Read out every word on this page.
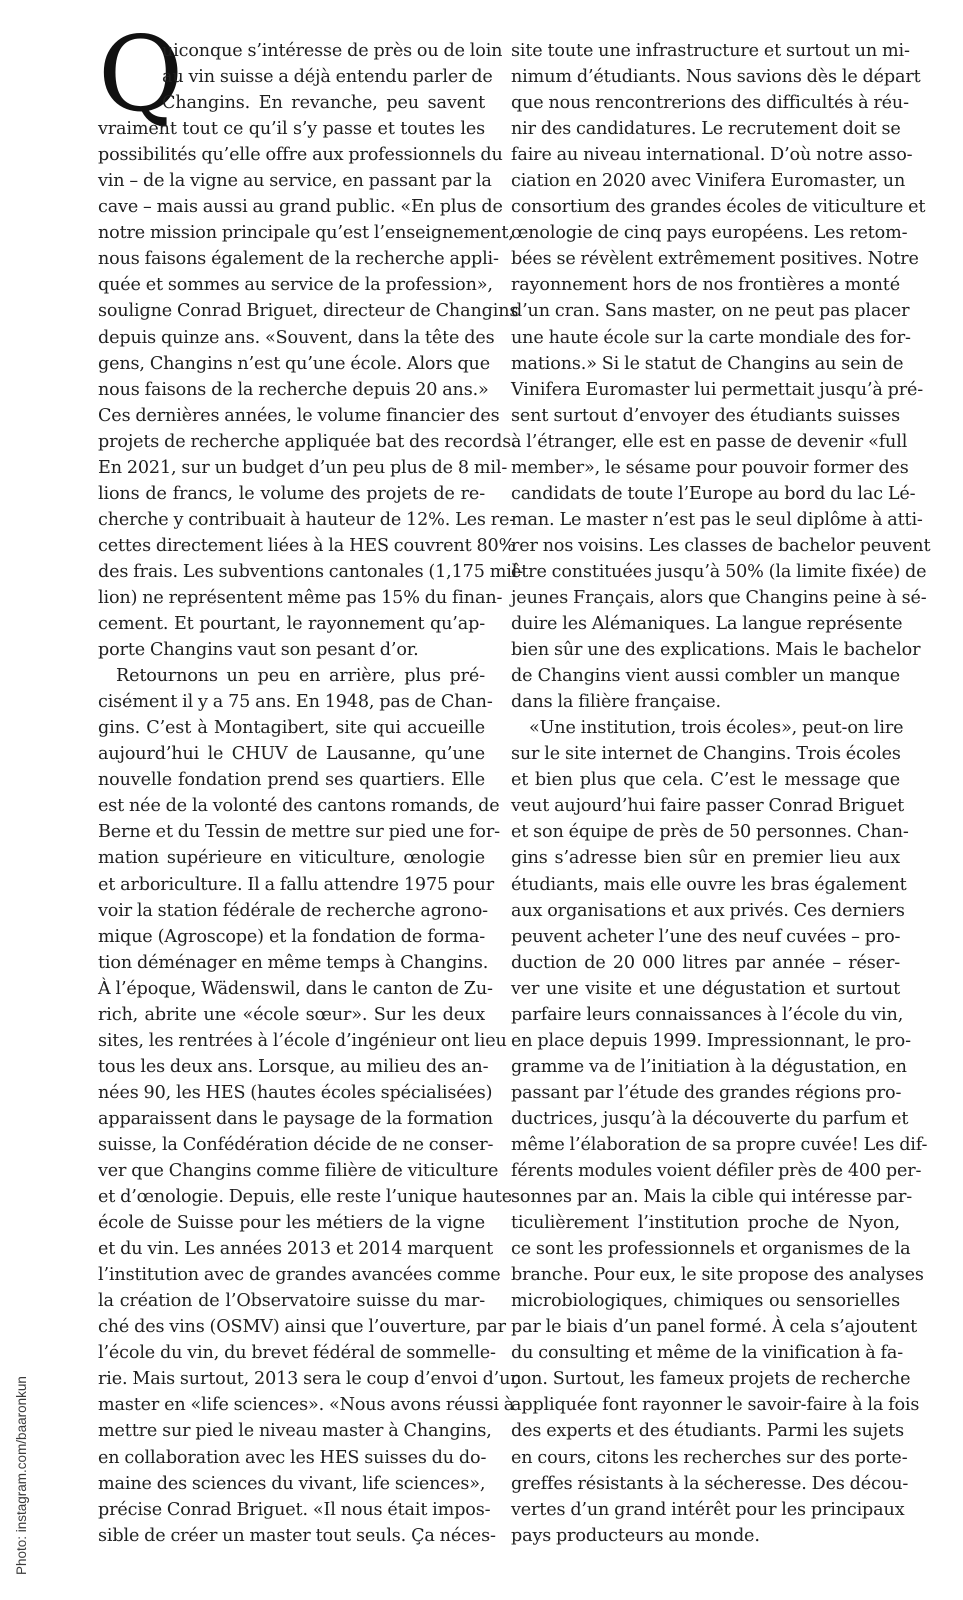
Q
uiconque s’intéresse de près ou de loin
au vin suisse a déjà entendu parler de
Changins. En revanche, peu savent
vraiment tout ce qu’il s’y passe et toutes les
possibilités qu’elle offre aux professionnels du
vin – de la vigne au service, en passant par la
cave – mais aussi au grand public. «En plus de
notre mission principale qu’est l’enseignement,
nous faisons également de la recherche appli-
quée et sommes au service de la profession»,
souligne Conrad Briguet, directeur de Changins
depuis quinze ans. «Souvent, dans la tête des
gens, Changins n’est qu’une école. Alors que
nous faisons de la recherche depuis 20 ans.»
Ces dernières années, le volume financier des
projets de recherche appliquée bat des records.
En 2021, sur un budget d’un peu plus de 8 mil-
lions de francs, le volume des projets de re-
cherche y contribuait à hauteur de 12%. Les re-
cettes directement liées à la HES couvrent 80%
des frais. Les subventions cantonales (1,175 mil-
lion) ne représentent même pas 15% du finan-
cement. Et pourtant, le rayonnement qu’ap-
porte Changins vaut son pesant d’or.
Retournons un peu en arrière, plus pré-
cisément il y a 75 ans. En 1948, pas de Chan-
gins. C’est à Montagibert, site qui accueille
aujourd’hui le CHUV de Lausanne, qu’une
nouvelle fondation prend ses quartiers. Elle
est née de la volonté des cantons romands, de
Berne et du Tessin de mettre sur pied une for-
mation supérieure en viticulture, œnologie
et arboriculture. Il a fallu attendre 1975 pour
voir la station fédérale de recherche agrono-
mique (Agroscope) et la fondation de forma-
tion déménager en même temps à Changins.
À l’époque, Wädenswil, dans le canton de Zu-
rich, abrite une «école sœur». Sur les deux
sites, les rentrées à l’école d’ingénieur ont lieu
tous les deux ans. Lorsque, au milieu des an-
nées 90, les HES (hautes écoles spécialisées)
apparaissent dans le paysage de la formation
suisse, la Confédération décide de ne conser-
ver que Changins comme filière de viticulture
et d’œnologie. Depuis, elle reste l’unique haute
école de Suisse pour les métiers de la vigne
et du vin. Les années 2013 et 2014 marquent
l’institution avec de grandes avancées comme
la création de l’Observatoire suisse du mar-
ché des vins (OSMV) ainsi que l’ouverture, par
l’école du vin, du brevet fédéral de sommelle-
rie. Mais surtout, 2013 sera le coup d’envoi d’un
master en «life sciences». «Nous avons réussi à
mettre sur pied le niveau master à Changins,
en collaboration avec les HES suisses du do-
maine des sciences du vivant, life sciences»,
précise Conrad Briguet. «Il nous était impos-
sible de créer un master tout seuls. Ça néces-
site toute une infrastructure et surtout un mi-
nimum d’étudiants. Nous savions dès le départ
que nous rencontrerions des difficultés à réu-
nir des candidatures. Le recrutement doit se
faire au niveau international. D’où notre asso-
ciation en 2020 avec Vinifera Euromaster, un
consortium des grandes écoles de viticulture et
œnologie de cinq pays européens. Les retom-
bées se révèlent extrêmement positives. Notre
rayonnement hors de nos frontières a monté
d’un cran. Sans master, on ne peut pas placer
une haute école sur la carte mondiale des for-
mations.» Si le statut de Changins au sein de
Vinifera Euromaster lui permettait jusqu’à pré-
sent surtout d’envoyer des étudiants suisses
à l’étranger, elle est en passe de devenir «full
member», le sésame pour pouvoir former des
candidats de toute l’Europe au bord du lac Lé-
man. Le master n’est pas le seul diplôme à atti-
rer nos voisins. Les classes de bachelor peuvent
être constituées jusqu’à 50% (la limite fixée) de
jeunes Français, alors que Changins peine à sé-
duire les Alémaniques. La langue représente
bien sûr une des explications. Mais le bachelor
de Changins vient aussi combler un manque
dans la filière française.
«Une institution, trois écoles», peut-on lire
sur le site internet de Changins. Trois écoles
et bien plus que cela. C’est le message que
veut aujourd’hui faire passer Conrad Briguet
et son équipe de près de 50 personnes. Chan-
gins s’adresse bien sûr en premier lieu aux
étudiants, mais elle ouvre les bras également
aux organisations et aux privés. Ces derniers
peuvent acheter l’une des neuf cuvées – pro-
duction de 20 000 litres par année – réser-
ver une visite et une dégustation et surtout
parfaire leurs connaissances à l’école du vin,
en place depuis 1999. Impressionnant, le pro-
gramme va de l’initiation à la dégustation, en
passant par l’étude des grandes régions pro-
ductrices, jusqu’à la découverte du parfum et
même l’élaboration de sa propre cuvée! Les dif-
férents modules voient défiler près de 400 per-
sonnes par an. Mais la cible qui intéresse par-
ticulièrement l’institution proche de Nyon,
ce sont les professionnels et organismes de la
branche. Pour eux, le site propose des analyses
microbiologiques, chimiques ou sensorielles
par le biais d’un panel formé. À cela s’ajoutent
du consulting et même de la vinification à fa-
çon. Surtout, les fameux projets de recherche
appliquée font rayonner le savoir-faire à la fois
des experts et des étudiants. Parmi les sujets
en cours, citons les recherches sur des porte-
greffes résistants à la sécheresse. Des décou-
vertes d’un grand intérêt pour les principaux
pays producteurs au monde.
Photo: instagram.com/baaronkun
